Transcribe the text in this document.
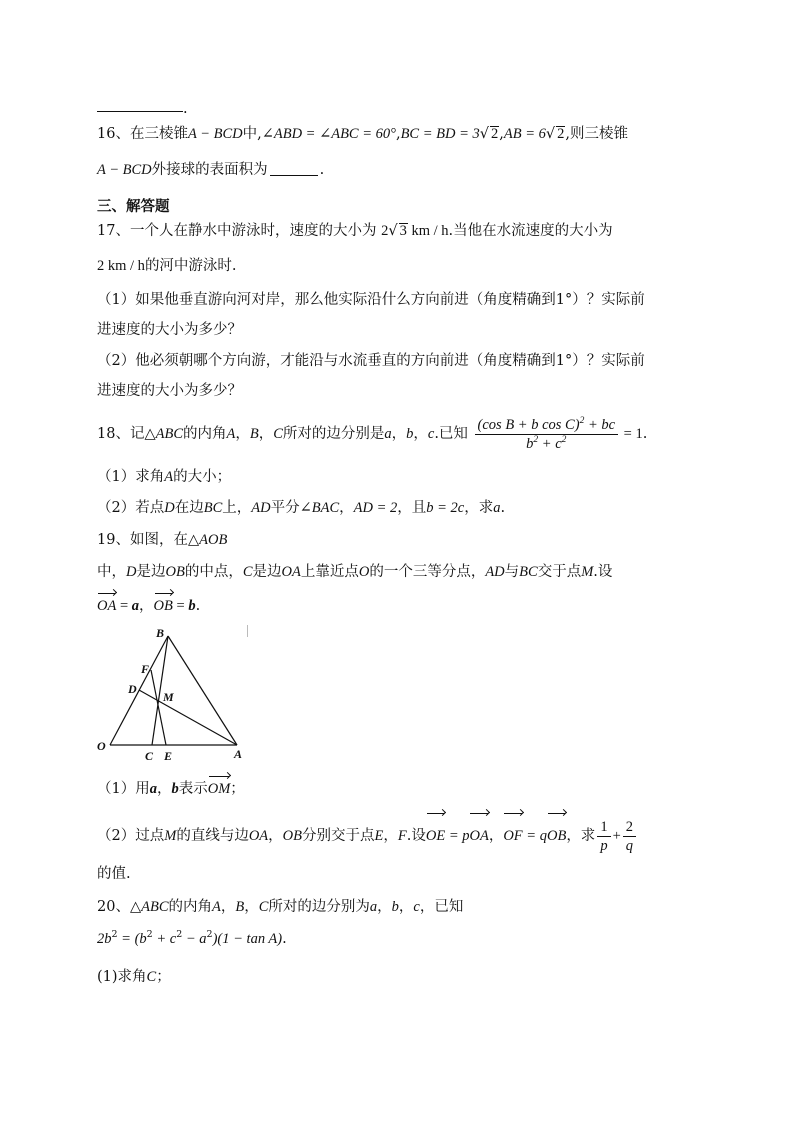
.
16、在三棱锥A − BCD中,∠ABD = ∠ABC = 60°,BC = BD = 3√ 2,AB = 6√ 2,则三棱锥
A − BCD外接球的表面积为	.
三、解答题
17、一个人在静水中游泳时，速度的大小为 2√ 3 km / h.当他在水流速度的大小为
2 km / h的河中游泳时.
（1）如果他垂直游向河对岸，那么他实际沿什么方向前进（角度精确到1°）？实际前
进速度的大小为多少？
（2）他必须朝哪个方向游，才能沿与水流垂直的方向前进（角度精确到1°）？实际前
进速度的大小为多少？
18、记△ABC的内角A，B，C所对的边分别是a，b，c.已知 $\frac{(\cos B + b \cos C)^2 + bc}{b^2 + c^2} = 1$.
（1）求角A的大小；
（2）若点D在边BC上，AD平分∠BAC，AD = 2，且b = 2c，求a.
19、如图，在△AOB
中，D是边OB的中点，C是边OA上靠近点O的一个三等分点，AD与BC交于点M.设
OA = a，OB = b.
B
F
D
M
O
C E	A
（1）用a，b表示OM；
（2）过点M的直线与边OA，OB分别交于点E，F.设OE = pOA，OF = qOB，求 $\frac{1}{p} + \frac{2}{q}$
的值.
20、△ABC的内角A，B，C所对的边分别为a，b，c，已知
$2b^2 = (b^2 + c^2 - a^2)(1 - \tan A)$.
(1)求角C；
